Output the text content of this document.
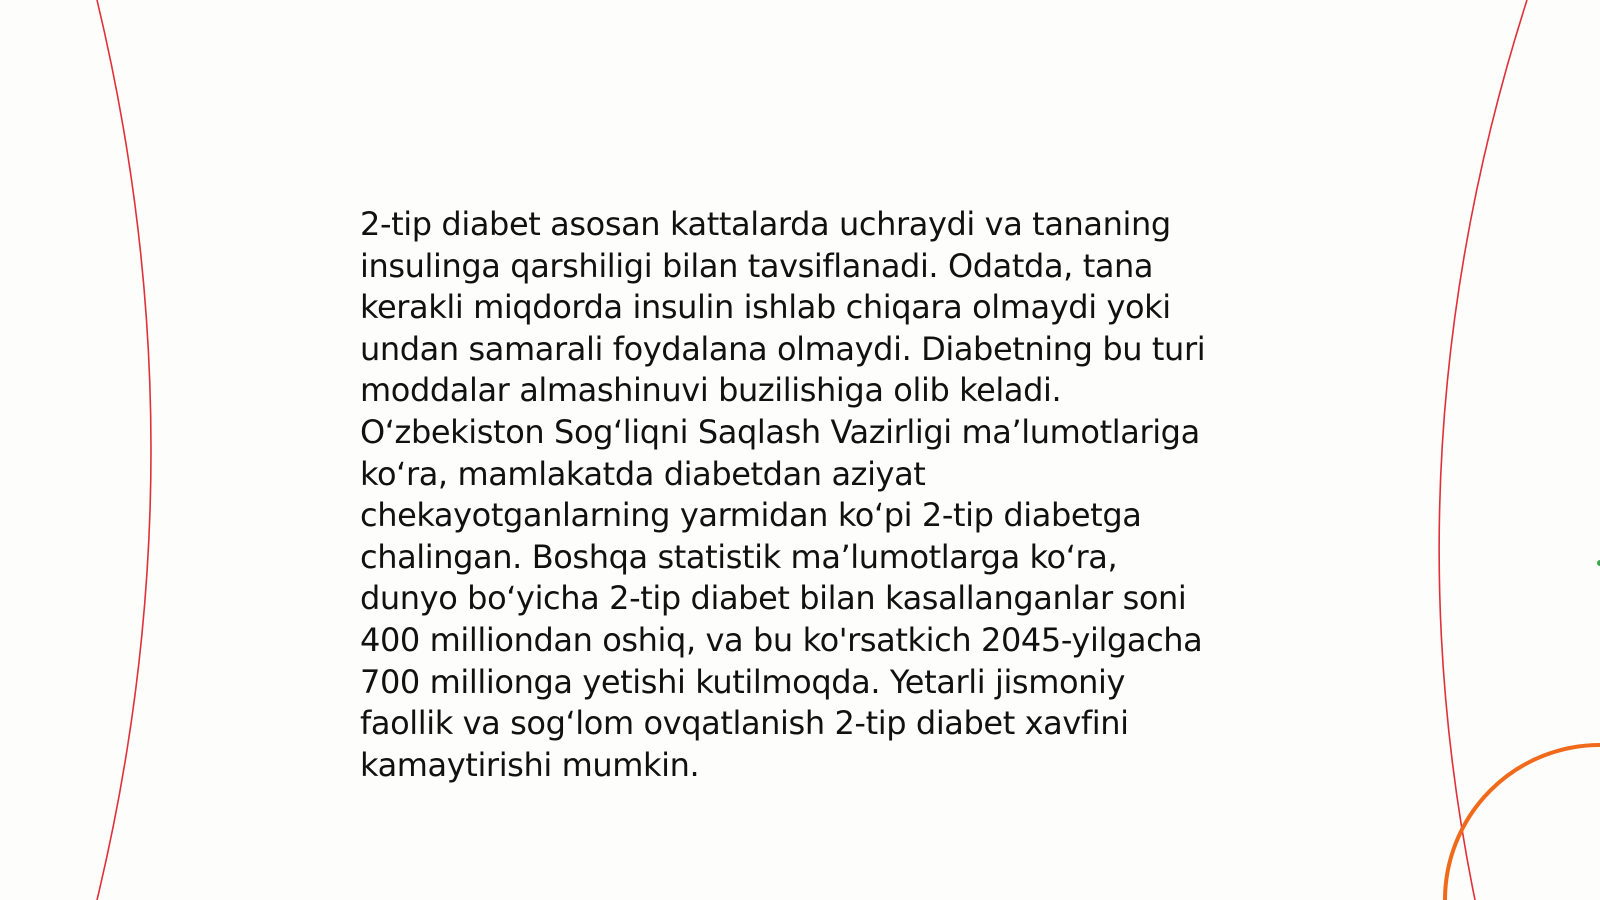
2-tip diabet asosan kattalarda uchraydi va tananing
insulinga qarshiligi bilan tavsiflanadi. Odatda, tana
kerakli miqdorda insulin ishlab chiqara olmaydi yoki
undan samarali foydalana olmaydi. Diabetning bu turi
moddalar almashinuvi buzilishiga olib keladi.
O‘zbekiston Sog‘liqni Saqlash Vazirligi ma’lumotlariga
ko‘ra, mamlakatda diabetdan aziyat
chekayotganlarning yarmidan ko‘pi 2-tip diabetga
chalingan. Boshqa statistik ma’lumotlarga ko‘ra,
dunyo bo‘yicha 2-tip diabet bilan kasallanganlar soni
400 milliondan oshiq, va bu ko'rsatkich 2045-yilgacha
700 millionga yetishi kutilmoqda. Yetarli jismoniy
faollik va sog‘lom ovqatlanish 2-tip diabet xavfini
kamaytirishi mumkin.
